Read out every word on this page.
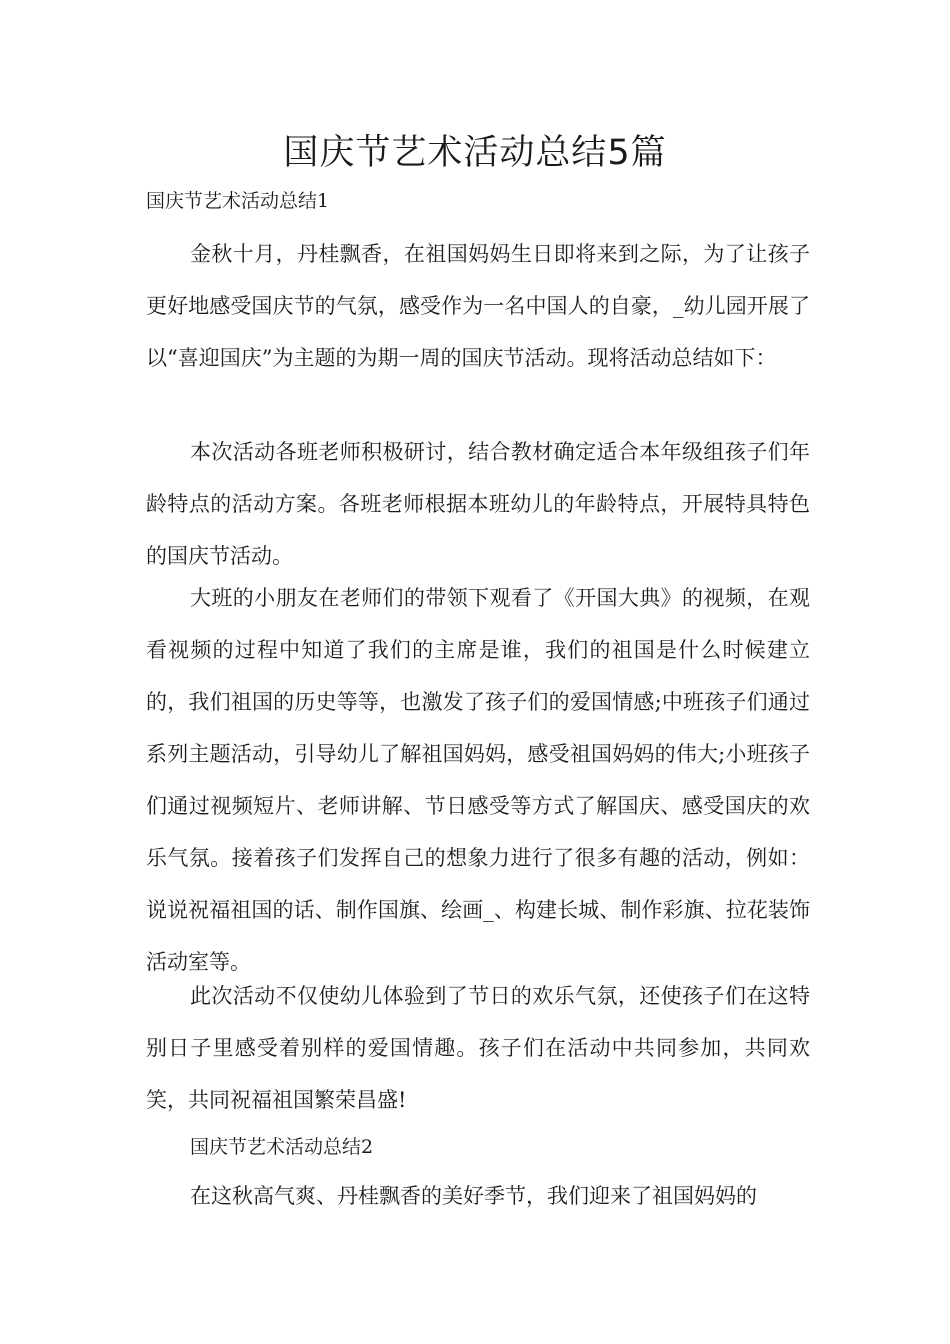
国庆节艺术活动总结5篇
国庆节艺术活动总结1

金秋十月，丹桂飘香，在祖国妈妈生日即将来到之际，为了让孩子更好地感受国庆节的气氛，感受作为一名中国人的自豪，_幼儿园开展了以“喜迎国庆”为主题的为期一周的国庆节活动。现将活动总结如下：

本次活动各班老师积极研讨，结合教材确定适合本年级组孩子们年龄特点的活动方案。各班老师根据本班幼儿的年龄特点，开展特具特色的国庆节活动。

大班的小朋友在老师们的带领下观看了《开国大典》的视频，在观看视频的过程中知道了我们的主席是谁，我们的祖国是什么时候建立的，我们祖国的历史等等，也激发了孩子们的爱国情感;中班孩子们通过系列主题活动，引导幼儿了解祖国妈妈，感受祖国妈妈的伟大;小班孩子们通过视频短片、老师讲解、节日感受等方式了解国庆、感受国庆的欢乐气氛。接着孩子们发挥自己的想象力进行了很多有趣的活动，例如：说说祝福祖国的话、制作国旗、绘画_、构建长城、制作彩旗、拉花装饰活动室等。

此次活动不仅使幼儿体验到了节日的欢乐气氛，还使孩子们在这特别日子里感受着别样的爱国情趣。孩子们在活动中共同参加，共同欢笑，共同祝福祖国繁荣昌盛!

国庆节艺术活动总结2

在这秋高气爽、丹桂飘香的美好季节，我们迎来了祖国妈妈的
